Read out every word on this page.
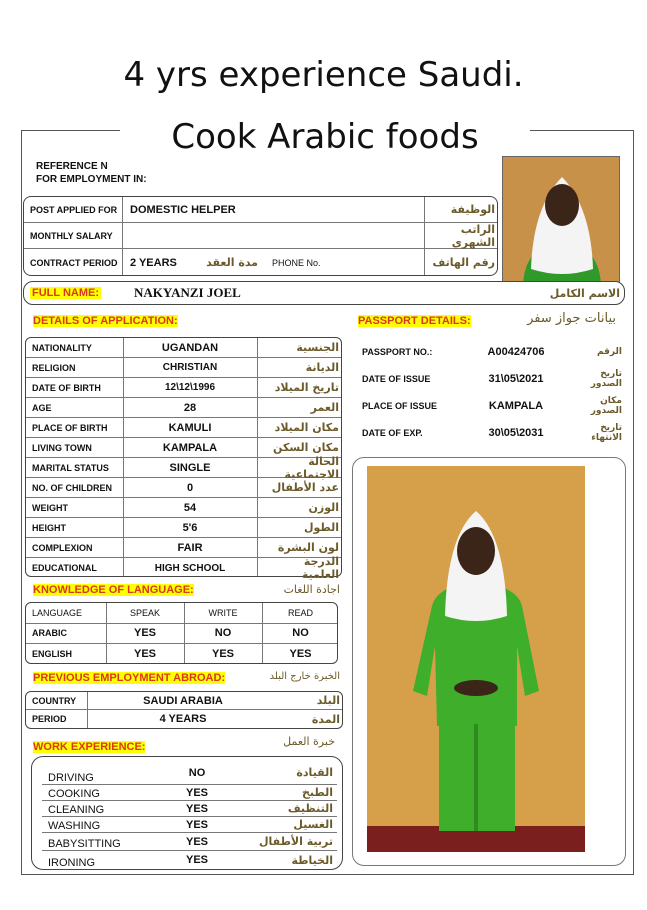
4 yrs experience Saudi.
Cook Arabic foods
REFERENCE N
FOR EMPLOYMENT IN:
POST APPLIED FOR	DOMESTIC HELPER	الوظيفة
MONTHLY SALARY	الراتب الشهري
CONTRACT PERIOD	2 YEARS	مدة العقد	PHONE No.	رقم الهاتف
FULL NAME:	NAKYANZI JOEL	الاسم الكامل
DETAILS OF APPLICATION:
NATIONALITY	UGANDAN	الجنسية
RELIGION	CHRISTIAN	الديانة
DATE OF BIRTH	12\12\1996	تاريخ الميلاد
AGE	28	العمر
PLACE OF BIRTH	KAMULI	مكان الميلاد
LIVING TOWN	KAMPALA	مكان السكن
MARITAL STATUS	SINGLE	الحالة الاجتماعية
NO. OF CHILDREN	0	عدد الأطفال
WEIGHT	54	الوزن
HEIGHT	5'6	الطول
COMPLEXION	FAIR	لون البشرة
EDUCATIONAL	HIGH SCHOOL	الدرجة العلمية
PASSPORT DETAILS:	بيانات جواز سفر
PASSPORT NO.:	A00424706	الرقم
DATE OF ISSUE	31\05\2021	تاريخ الصدور
PLACE OF ISSUE	KAMPALA	مكان الصدور
DATE OF EXP.	30\05\2031	تاريخ الانتهاء
KNOWLEDGE OF LANGUAGE:	اجادة اللغات
LANGUAGE	SPEAK	WRITE	READ
ARABIC	YES	NO	NO
ENGLISH	YES	YES	YES
PREVIOUS EMPLOYMENT ABROAD:	الخبرة خارج البلد
COUNTRY	SAUDI ARABIA	البلد
PERIOD	4 YEARS	المدة
WORK EXPERIENCE:	خبرة العمل
DRIVING	NO	القيادة
COOKING	YES	الطبخ
CLEANING	YES	التنظيف
WASHING	YES	الغسيل
BABYSITTING	YES	تربية الأطفال
IRONING	YES	الخياطة
